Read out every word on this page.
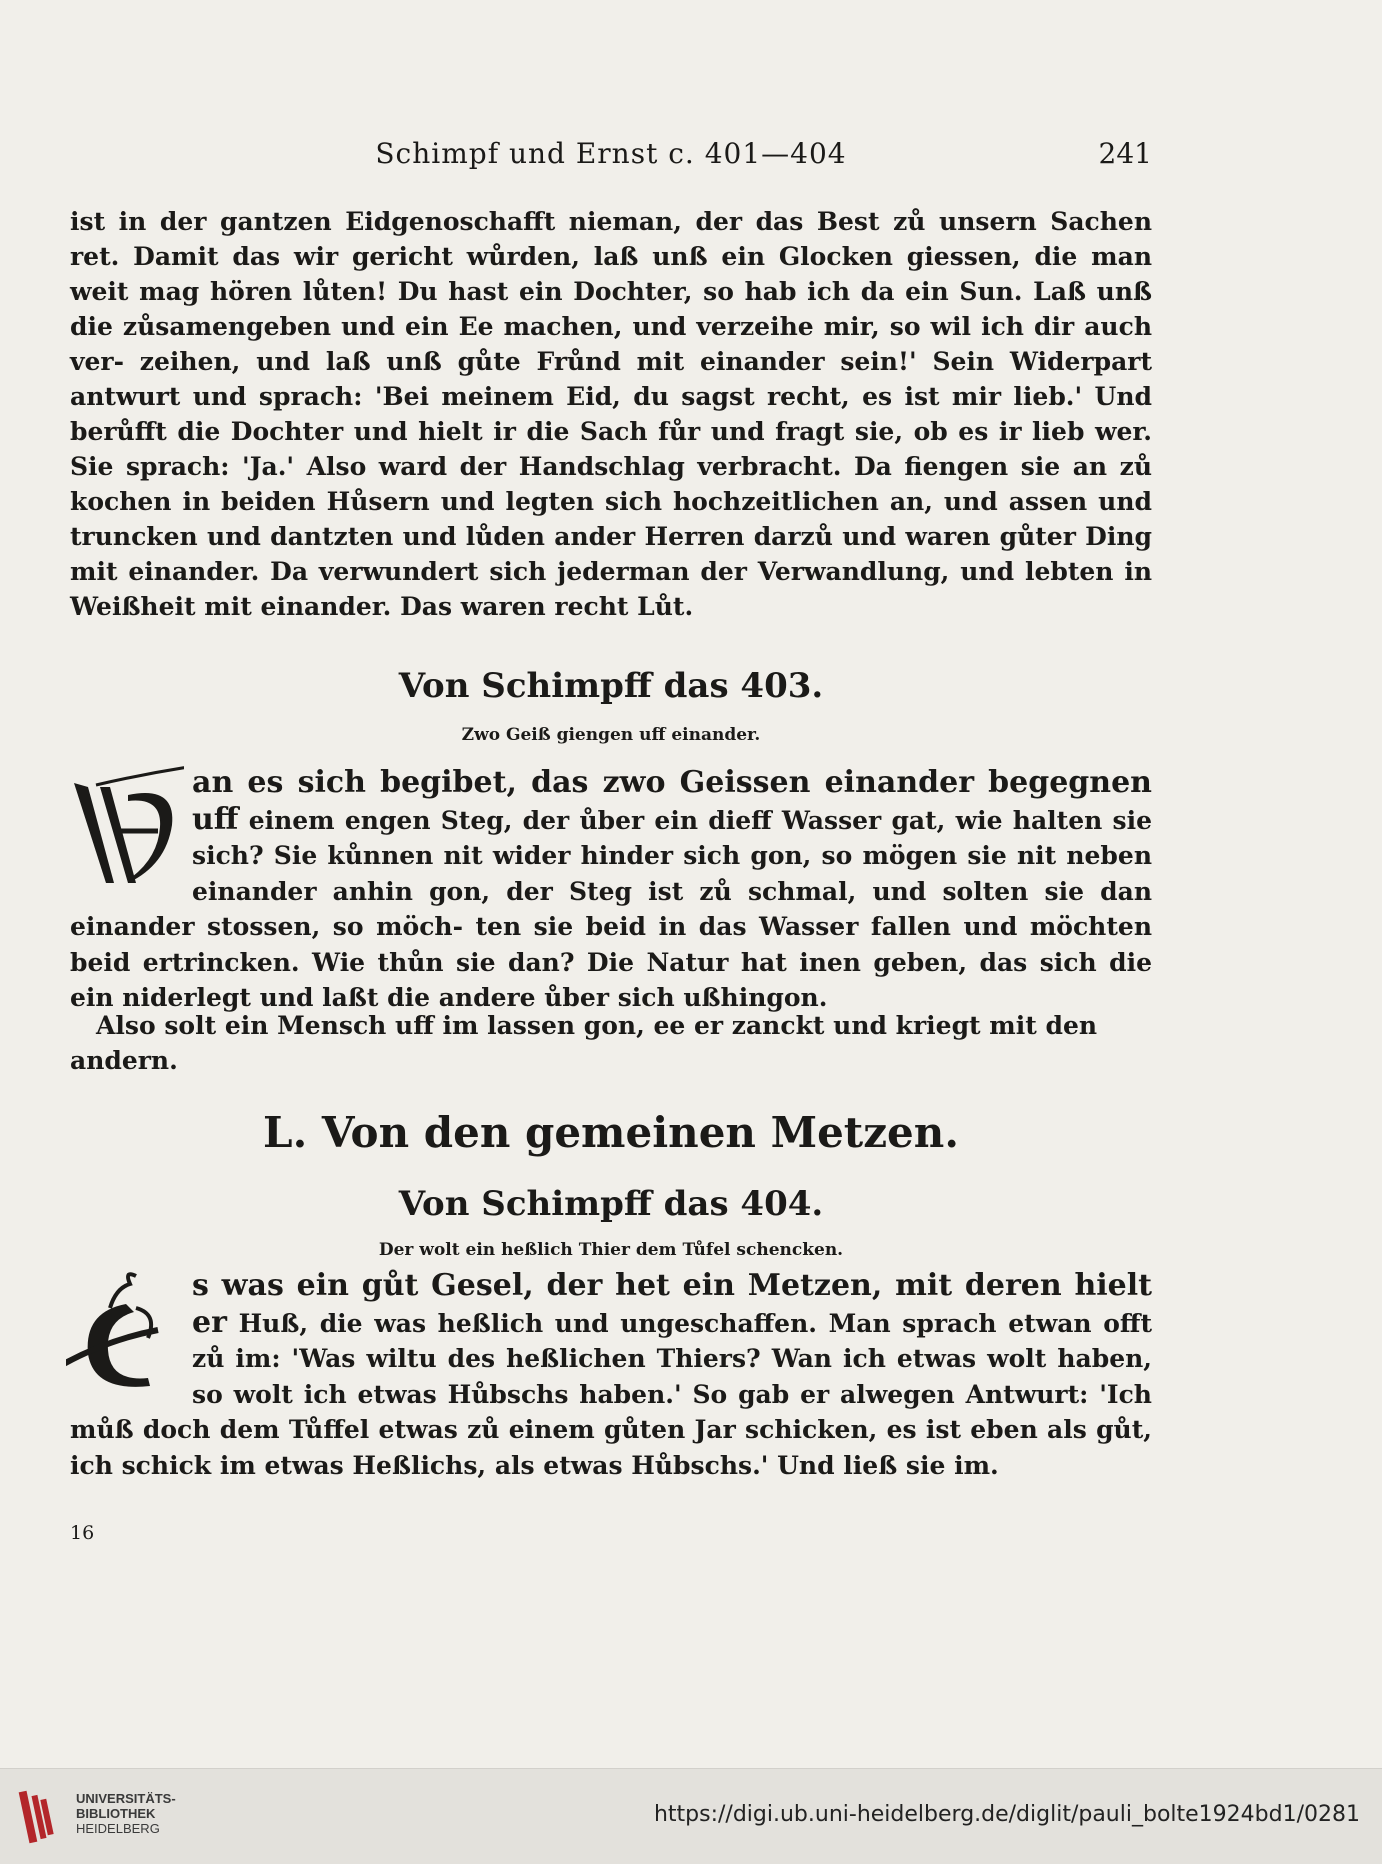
Schimpf und Ernst c. 401—404	241
ist in der gantzen Eidgenoschafft nieman, der das Best zů unsern Sachen ret. Damit das wir gericht wůrden, laß unß ein Glocken giessen, die man weit mag hören lůten! Du hast ein Dochter, so hab ich da ein Sun. Laß unß die zůsamengeben und ein Ee machen, und verzeihe mir, so wil ich dir auch ver- zeihen, und laß unß gůte Frůnd mit einander sein!' Sein Widerpart antwurt und sprach: 'Bei meinem Eid, du sagst recht, es ist mir lieb.' Und berůfft die Dochter und hielt ir die Sach fůr und fragt sie, ob es ir lieb wer. Sie sprach: 'Ja.' Also ward der Handschlag verbracht. Da fiengen sie an zů kochen in beiden Hůsern und legten sich hochzeitlichen an, und assen und truncken und dantzten und lůden ander Herren darzů und waren gůter Ding mit einander. Da verwundert sich jederman der Verwandlung, und lebten in Weißheit mit einander. Das waren recht Lůt.
Von Schimpff das 403.
Zwo Geiß giengen uff einander.
an es sich begibet, das zwo Geissen einander begegnen uff einem engen Steg, der ůber ein dieff Wasser gat, wie halten sie sich? Sie kůnnen nit wider hinder sich gon, so mögen sie nit neben einander anhin gon, der Steg ist zů schmal, und solten sie dan einander stossen, so möch- ten sie beid in das Wasser fallen und möchten beid ertrincken. Wie thůn sie dan? Die Natur hat inen geben, das sich die ein niderlegt und laßt die andere ůber sich ußhingon.
Also solt ein Mensch uff im lassen gon, ee er zanckt und kriegt mit den andern.
L. Von den gemeinen Metzen.
Von Schimpff das 404.
Der wolt ein heßlich Thier dem Tůfel schencken.
s was ein gůt Gesel, der het ein Metzen, mit deren hielt er Huß, die was heßlich und ungeschaffen. Man sprach etwan offt zů im: 'Was wiltu des heßlichen Thiers? Wan ich etwas wolt haben, so wolt ich etwas Hůbschs haben.' So gab er alwegen Antwurt: 'Ich můß doch dem Tůffel etwas zů einem gůten Jar schicken, es ist eben als gůt, ich schick im etwas Heßlichs, als etwas Hůbschs.' Und ließ sie im.
16
UNIVERSITÄTS-
BIBLIOTHEK
HEIDELBERG
https://digi.ub.uni-heidelberg.de/diglit/pauli_bolte1924bd1/0281
